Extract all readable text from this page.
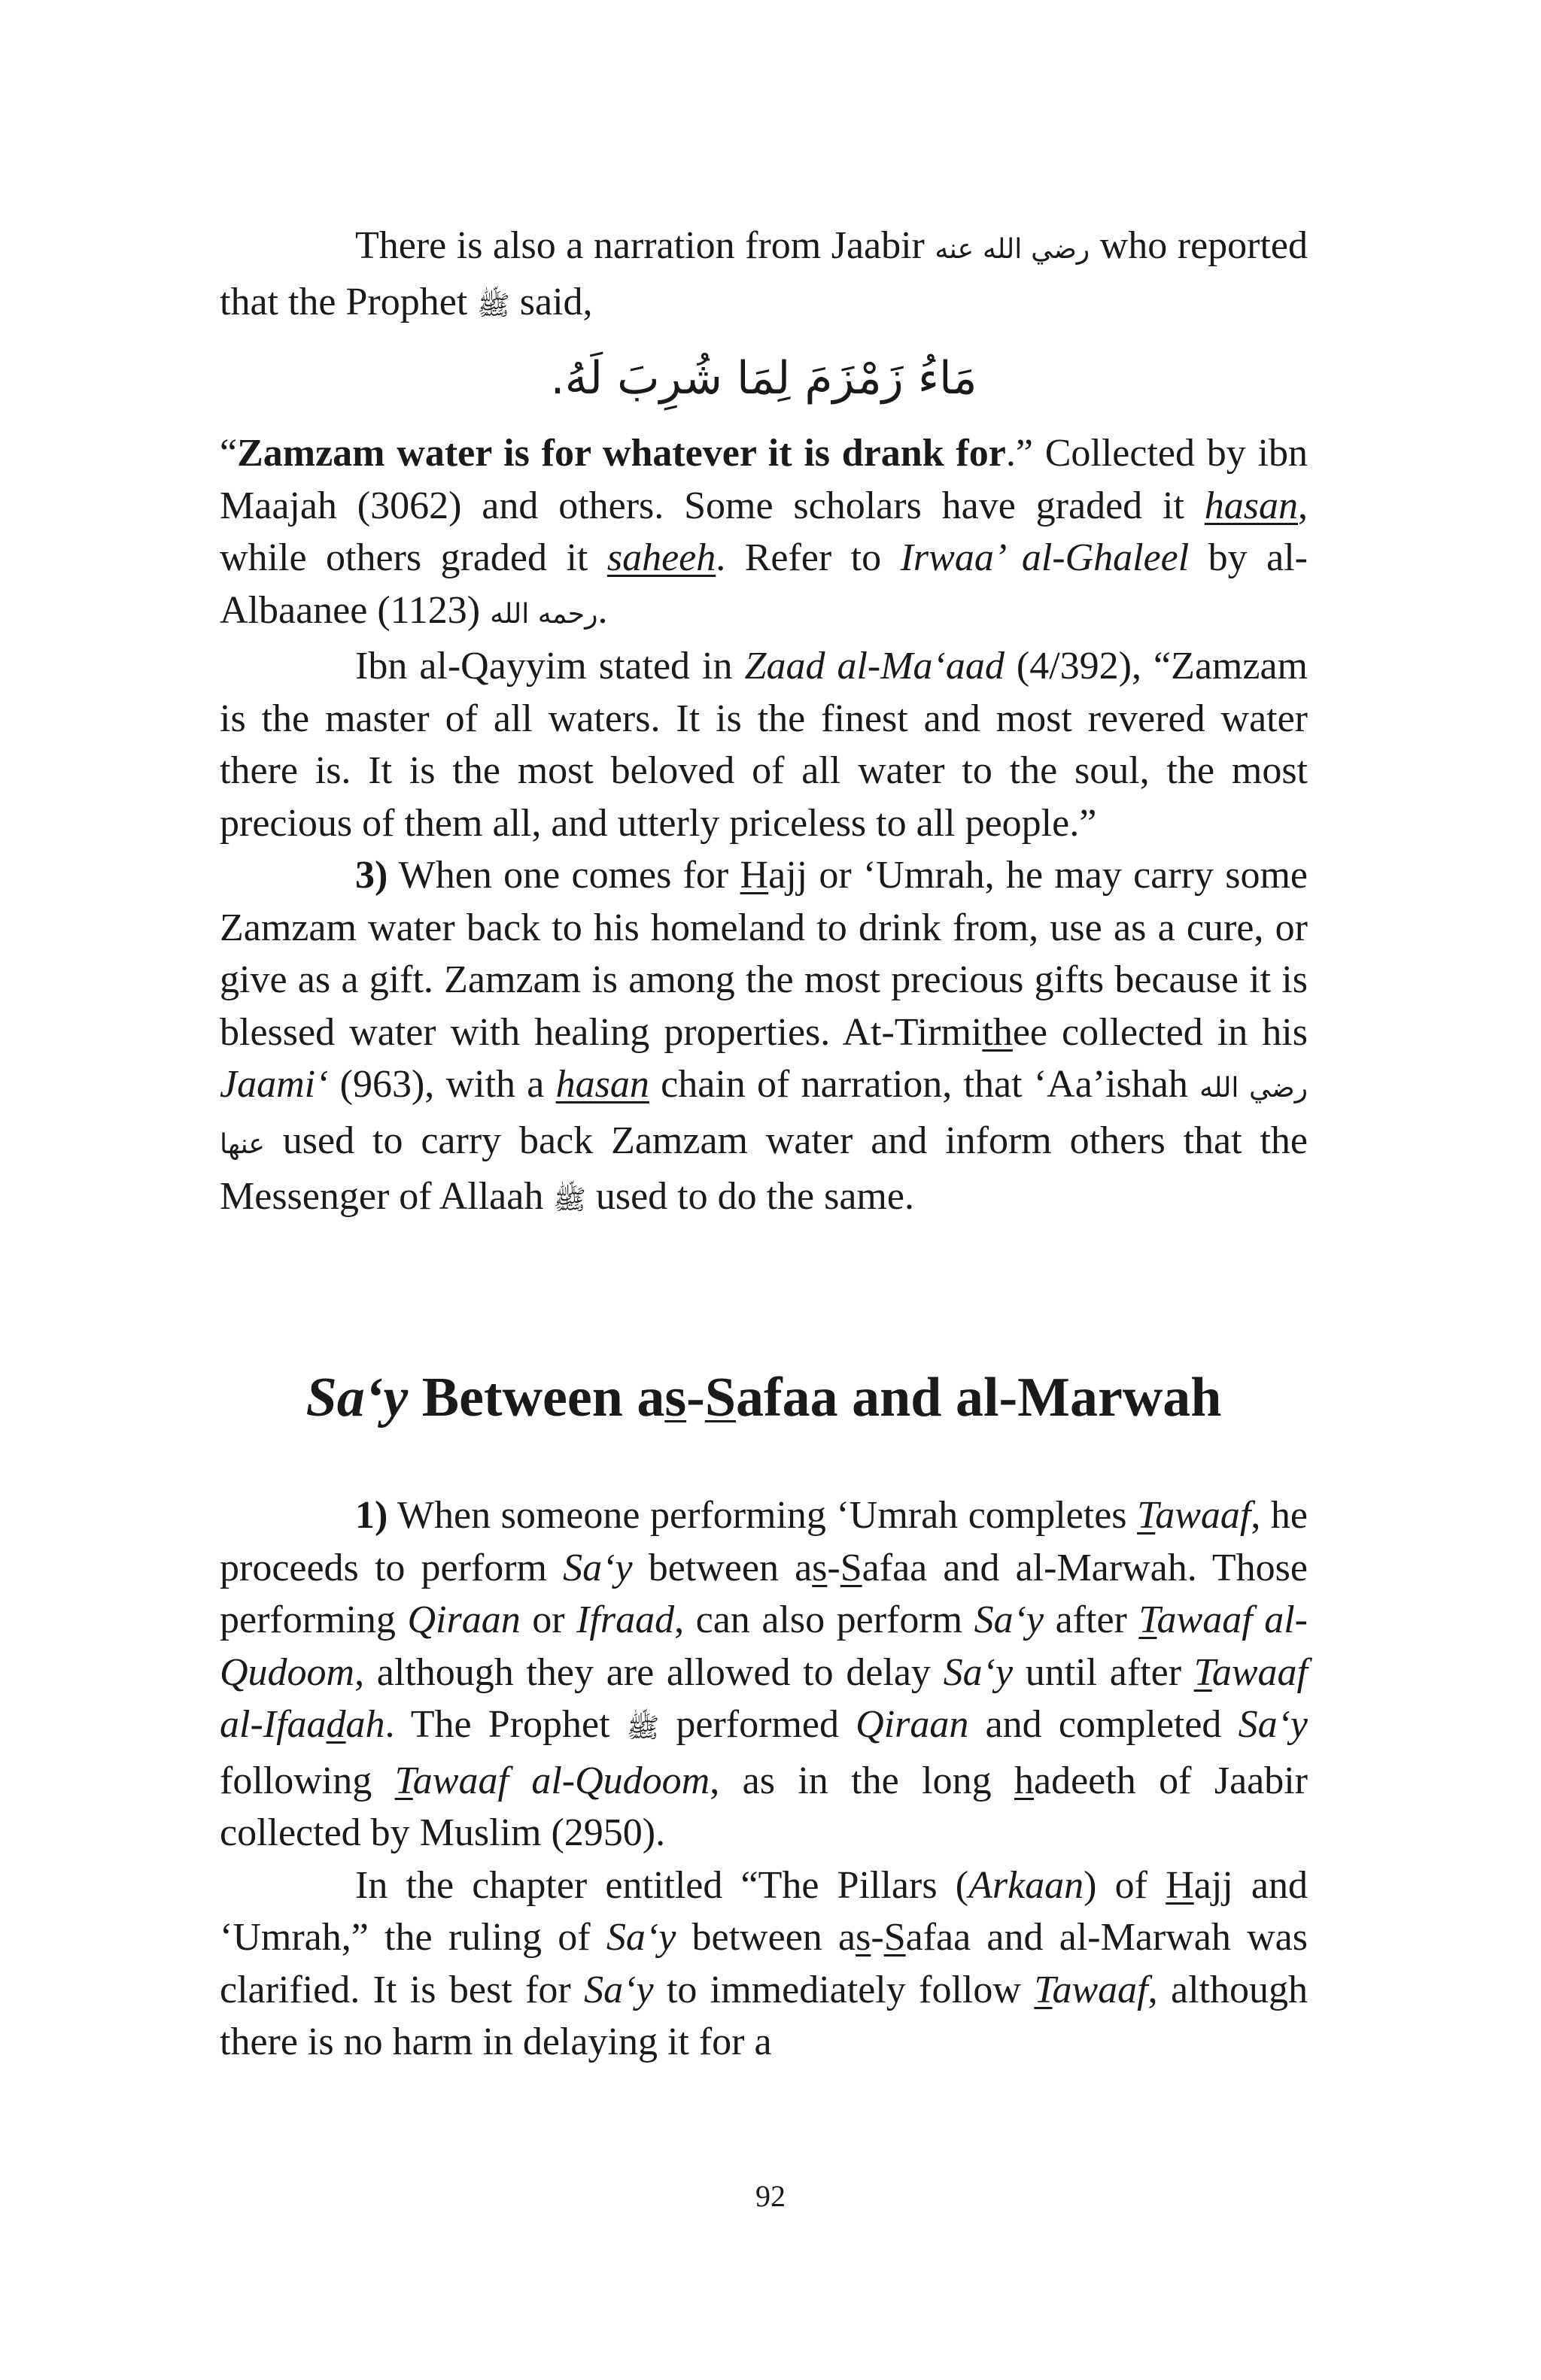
There is also a narration from Jaabir رضي الله عنه who reported that the Prophet ﷺ said,

مَاءُ زَمْزَمَ لِمَا شُرِبَ لَهُ.

“Zamzam water is for whatever it is drank for.” Collected by ibn Maajah (3062) and others. Some scholars have graded it hasan, while others graded it saheeh. Refer to Irwaa’ al-Ghaleel by al-Albaanee	رحمه الله (1123).

Ibn al-Qayyim stated in Zaad al-Ma‘aad (4/392), “Zamzam is the master of all waters. It is the finest and most revered water there is. It is the most beloved of all water to the soul, the most precious of them all, and utterly priceless to all people.”

3) When one comes for Hajj or ‘Umrah, he may carry some Zamzam water back to his homeland to drink from, use as a cure, or give as a gift. Zamzam is among the most precious gifts because it is blessed water with healing properties. At-Tirmithee collected in his Jaami‘ (963), with a hasan chain of narration, that ‘Aa’ishah رضي الله عنها used to carry back Zamzam water and inform others that the Messenger of Allaah ﷺ used to do the same.

Sa‘y Between as-Safaa and al-Marwah

1) When someone performing ‘Umrah completes Tawaaf, he proceeds to perform Sa‘y between as-Safaa and al-Marwah. Those performing Qiraan or Ifraad, can also perform Sa‘y after Tawaaf al-Qudoom, although they are allowed to delay Sa‘y until after Tawaaf al-Ifaadah. The Prophet ﷺ performed Qiraan and completed Sa‘y following Tawaaf al-Qudoom, as in the long hadeeth of Jaabir collected by Muslim (2950).

In the chapter entitled “The Pillars (Arkaan) of Hajj and ‘Umrah,” the ruling of Sa‘y between as-Safaa and al-Marwah was clarified. It is best for Sa‘y to immediately follow Tawaaf, although there is no harm in delaying it for a

92
